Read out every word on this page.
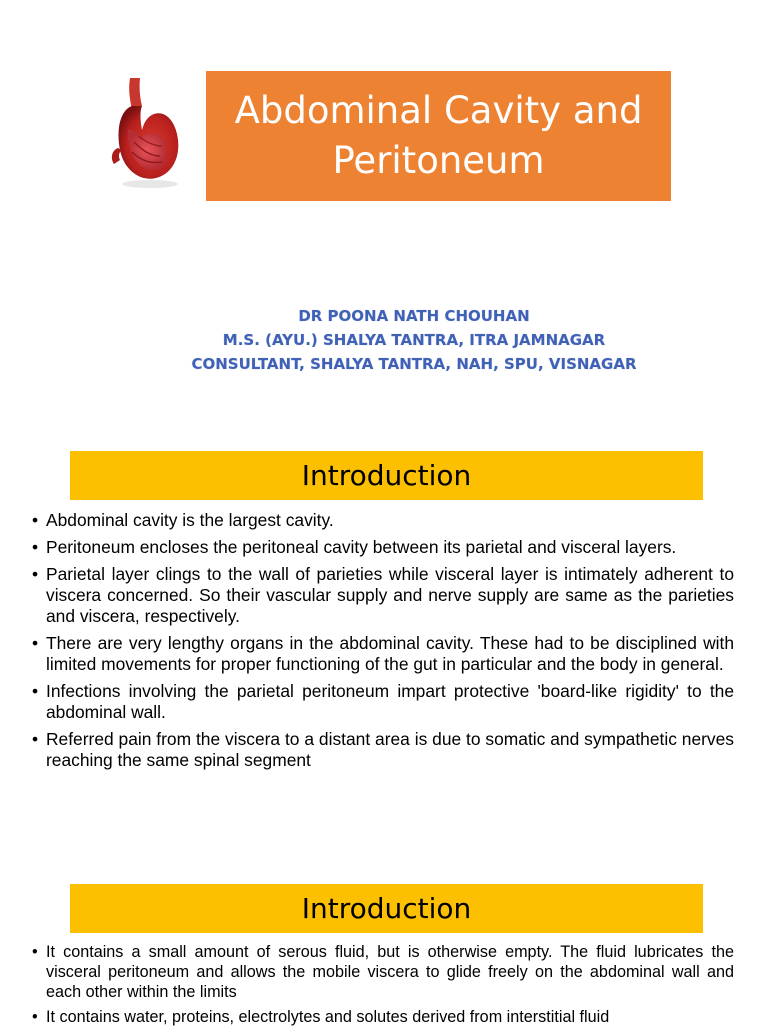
Abdominal Cavity and
Peritoneum
DR POONA NATH CHOUHAN
M.S. (AYU.) SHALYA TANTRA, ITRA JAMNAGAR
CONSULTANT, SHALYA TANTRA, NAH, SPU, VISNAGAR
Introduction
• Abdominal cavity is the largest cavity.
• Peritoneum encloses the peritoneal cavity between its parietal and visceral layers.
• Parietal layer clings to the wall of parieties while visceral layer is intimately adherent to viscera concerned. So their vascular supply and nerve supply are same as the parieties and viscera, respectively.
• There are very lengthy organs in the abdominal cavity. These had to be disciplined with limited movements for proper functioning of the gut in particular and the body in general.
• Infections involving the parietal peritoneum impart protective 'board-like rigidity' to the abdominal wall.
• Referred pain from the viscera to a distant area is due to somatic and sympathetic nerves reaching the same spinal segment
Introduction
• It contains a small amount of serous fluid, but is otherwise empty. The fluid lubricates the visceral peritoneum and allows the mobile viscera to glide freely on the abdominal wall and each other within the limits
• It contains water, proteins, electrolytes and solutes derived from interstitial fluid
